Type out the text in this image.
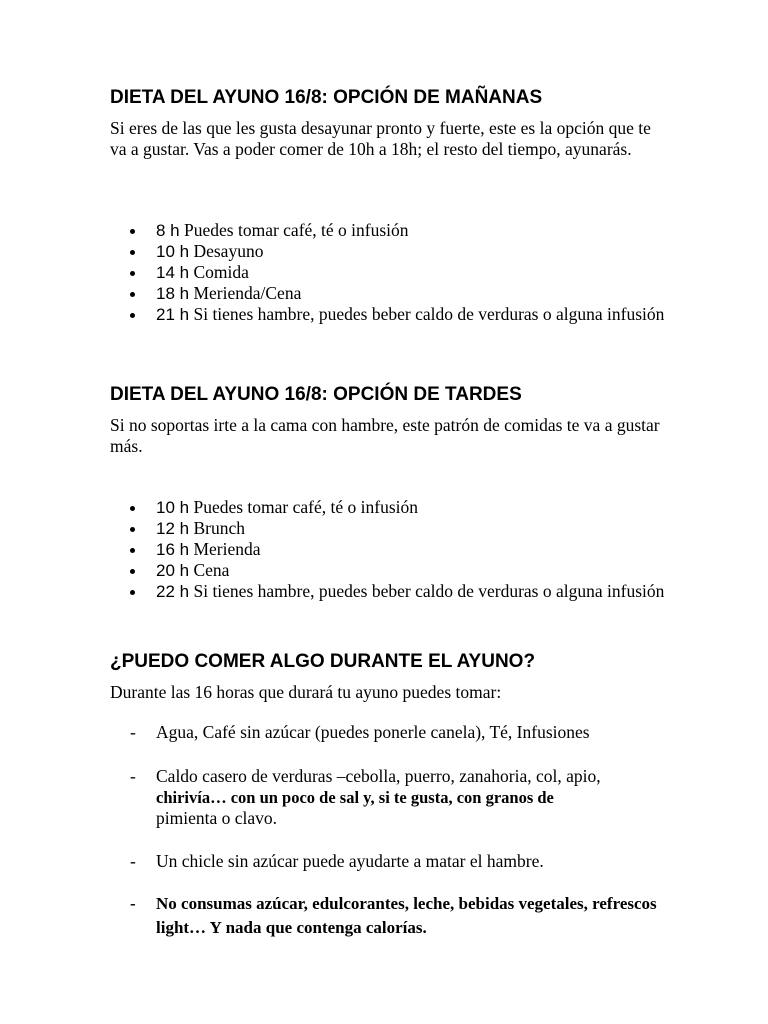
DIETA DEL AYUNO 16/8: OPCIÓN DE MAÑANAS

Si eres de las que les gusta desayunar pronto y fuerte, este es la opción que te va a gustar. Vas a poder comer de 10h a 18h; el resto del tiempo, ayunarás.

8 h Puedes tomar café, té o infusión
10 h Desayuno
14 h Comida
18 h Merienda/Cena
21 h Si tienes hambre, puedes beber caldo de verduras o alguna infusión
DIETA DEL AYUNO 16/8: OPCIÓN DE TARDES

Si no soportas irte a la cama con hambre, este patrón de comidas te va a gustar más.

10 h Puedes tomar café, té o infusión
12 h Brunch
16 h Merienda
20 h Cena
22 h Si tienes hambre, puedes beber caldo de verduras o alguna infusión
¿PUEDO COMER ALGO DURANTE EL AYUNO?

Durante las 16 horas que durará tu ayuno puedes tomar:

- Agua, Café sin azúcar (puedes ponerle canela), Té, Infusiones
- Caldo casero de verduras –cebolla, puerro, zanahoria, col, apio,
chirivía… con un poco de sal y, si te gusta, con granos de
pimienta o clavo.
- Un chicle sin azúcar puede ayudarte a matar el hambre.
- No consumas azúcar, edulcorantes, leche, bebidas vegetales, refrescos light… Y nada que contenga calorías.
